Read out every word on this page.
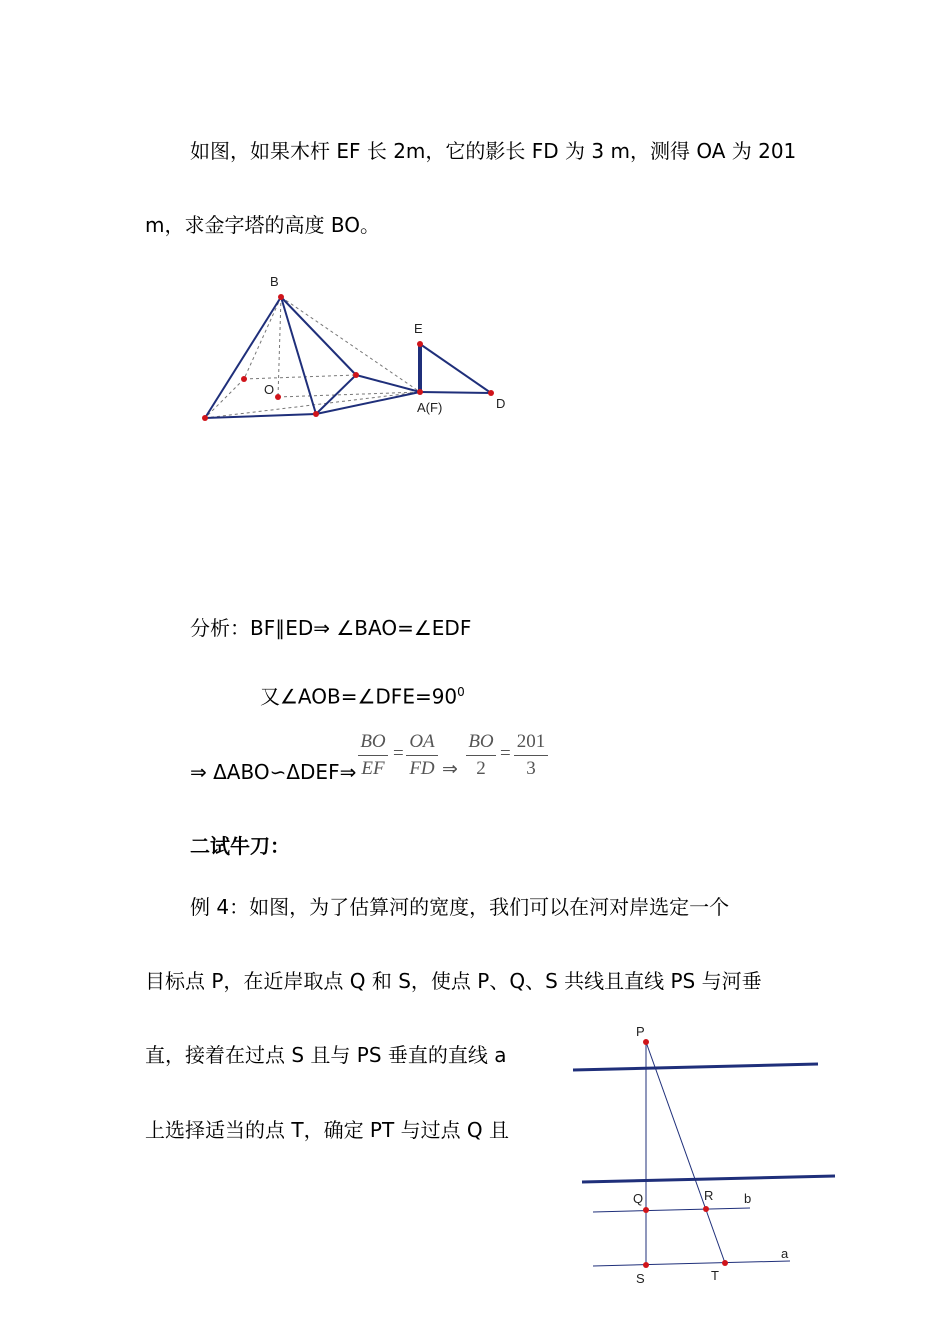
如图，如果木杆 EF 长 2m，它的影长 FD 为 3 m，测得 OA 为 201
m，求金字塔的高度 BO。
B
E
O
A(F)	D
P
Q	R b
a
S	T
分析：BF∥ED⇒ ∠BAO=∠EDF
又$\angle AOB=\angle DFE=90^0$
⇒ ΔABO∽ΔDEF⇒
BO
EF
=
OA
FD ⇒
BO
2
=
201
3
二试牛刀：
例 4：如图，为了估算河的宽度，我们可以在河对岸选定一个
目标点 P，在近岸取点 Q 和 S，使点 P、Q、S 共线且直线 PS 与河垂
直，接着在过点 S 且与 PS 垂直的直线 a
上选择适当的点 T，确定 PT 与过点 Q 且
